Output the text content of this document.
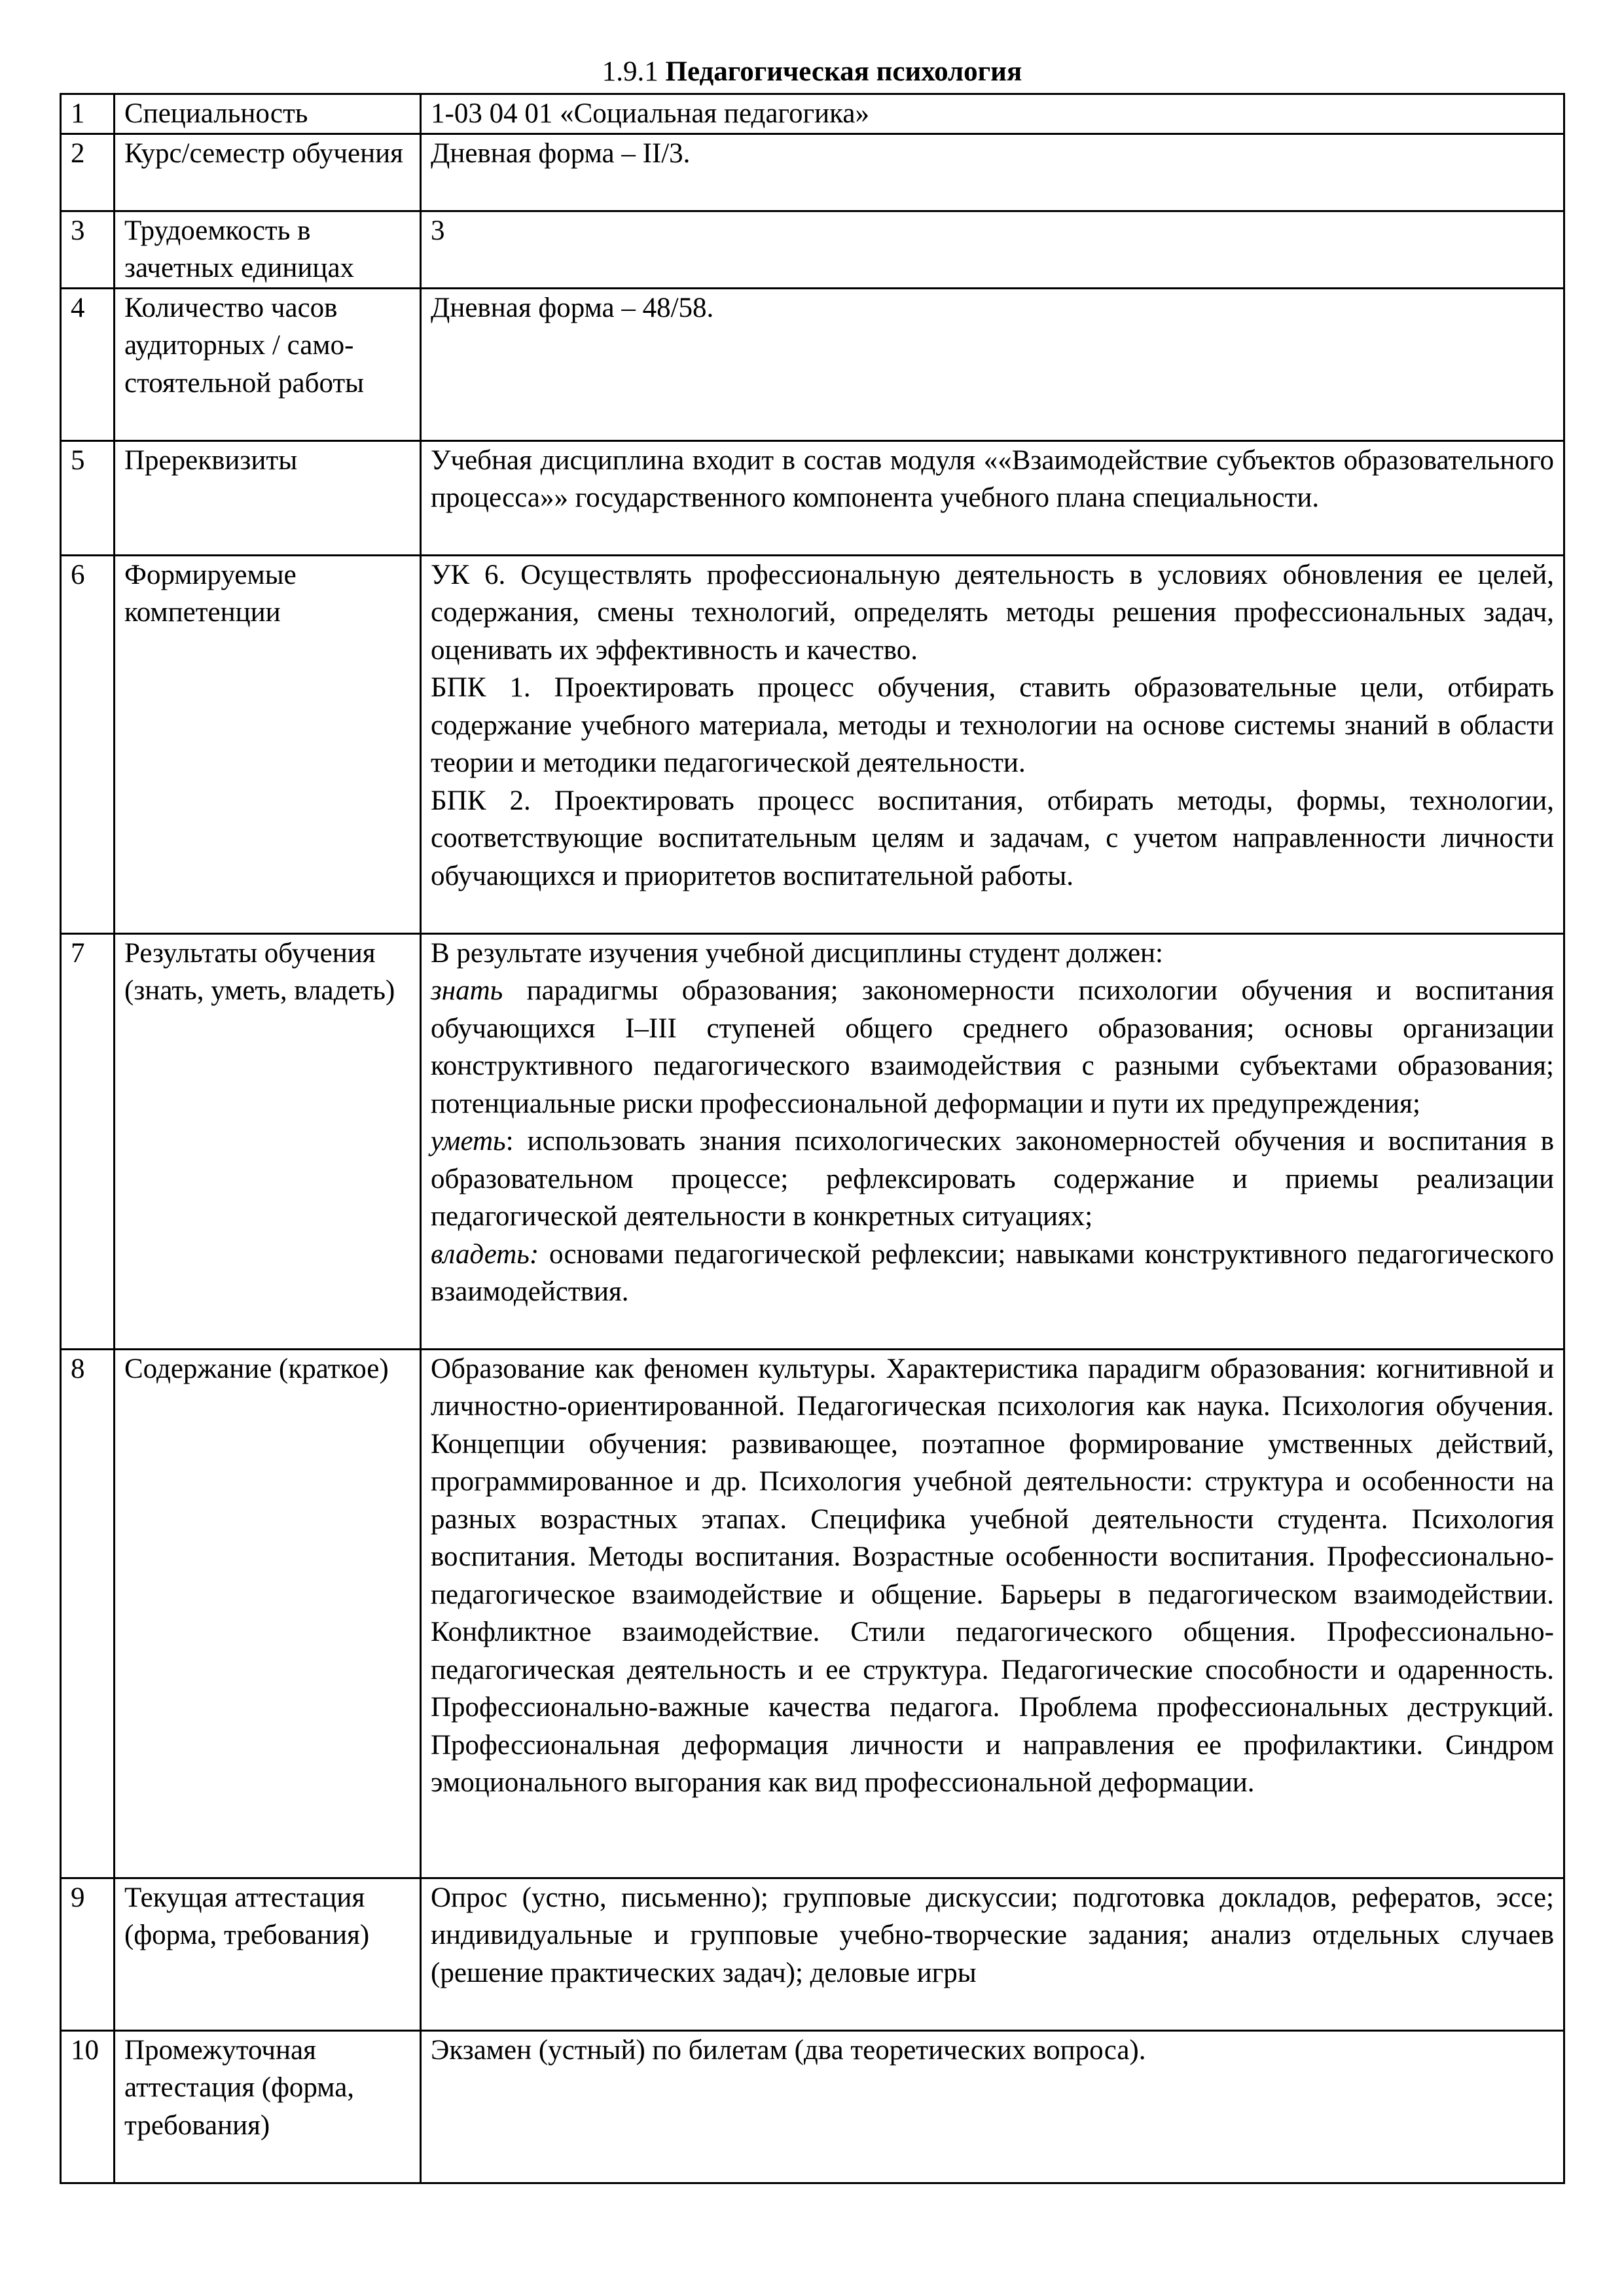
1.9.1 Педагогическая психология
1	Специальность	1-03 04 01 «Социальная педагогика»

2	Курс/семестр обучения	Дневная форма – II/3.

3	Трудоемкость в зачетных единицах	3

4	Количество часов аудиторных / само-стоятельной работы	Дневная форма – 48/58.

5	Пререквизиты	Учебная дисциплина входит в состав модуля ««Взаимодействие субъектов образовательного процесса»» государственного компонента учебного плана специальности.

6	Формируемые компетенции	УК 6. Осуществлять профессиональную деятельность в условиях обновления ее целей, содержания, смены технологий, определять методы решения профессиональных задач, оценивать их эффективность и качество.
БПК 1. Проектировать процесс обучения, ставить образовательные цели, отбирать содержание учебного материала, методы и технологии на основе системы знаний в области теории и методики педагогической деятельности.
БПК 2. Проектировать процесс воспитания, отбирать методы, формы, технологии, соответствующие воспитательным целям и задачам, с учетом направленности личности обучающихся и приоритетов воспитательной работы.

7	Результаты обучения (знать, уметь, владеть)	В результате изучения учебной дисциплины студент должен:
знать парадигмы образования; закономерности психологии обучения и воспитания обучающихся I–III ступеней общего среднего образования; основы организации конструктивного педагогического взаимодействия с разными субъектами образования; потенциальные риски профессиональной деформации и пути их предупреждения;
уметь: использовать знания психологических закономерностей обучения и воспитания в образовательном процессе; рефлексировать содержание и приемы реализации педагогической деятельности в конкретных ситуациях;
владеть: основами педагогической рефлексии; навыками конструктивного педагогического взаимодействия.

8	Содержание (краткое)	Образование как феномен культуры. Характеристика парадигм образования: когнитивной и личностно-ориентированной. Педагогическая психология как наука. Психология обучения. Концепции обучения: развивающее, поэтапное формирование умственных действий, программированное и др. Психология учебной деятельности: структура и особенности на разных возрастных этапах. Специфика учебной деятельности студента. Психология воспитания. Методы воспитания. Возрастные особенности воспитания. Профессионально-педагогическое взаимодействие и общение. Барьеры в педагогическом взаимодействии. Конфликтное взаимодействие. Стили педагогического общения. Профессионально-педагогическая деятельность и ее структура. Педагогические способности и одаренность. Профессионально-важные качества педагога. Проблема профессиональных деструкций. Профессиональная деформация личности и направления ее профилактики. Синдром эмоционального выгорания как вид профессиональной деформации.

9	Текущая аттестация (форма, требования)	Опрос (устно, письменно); групповые дискуссии; подготовка докладов, рефератов, эссе; индивидуальные и групповые учебно-творческие задания; анализ отдельных случаев (решение практических задач); деловые игры

10	Промежуточная аттестация (форма, требования)	Экзамен (устный) по билетам (два теоретических вопроса).
